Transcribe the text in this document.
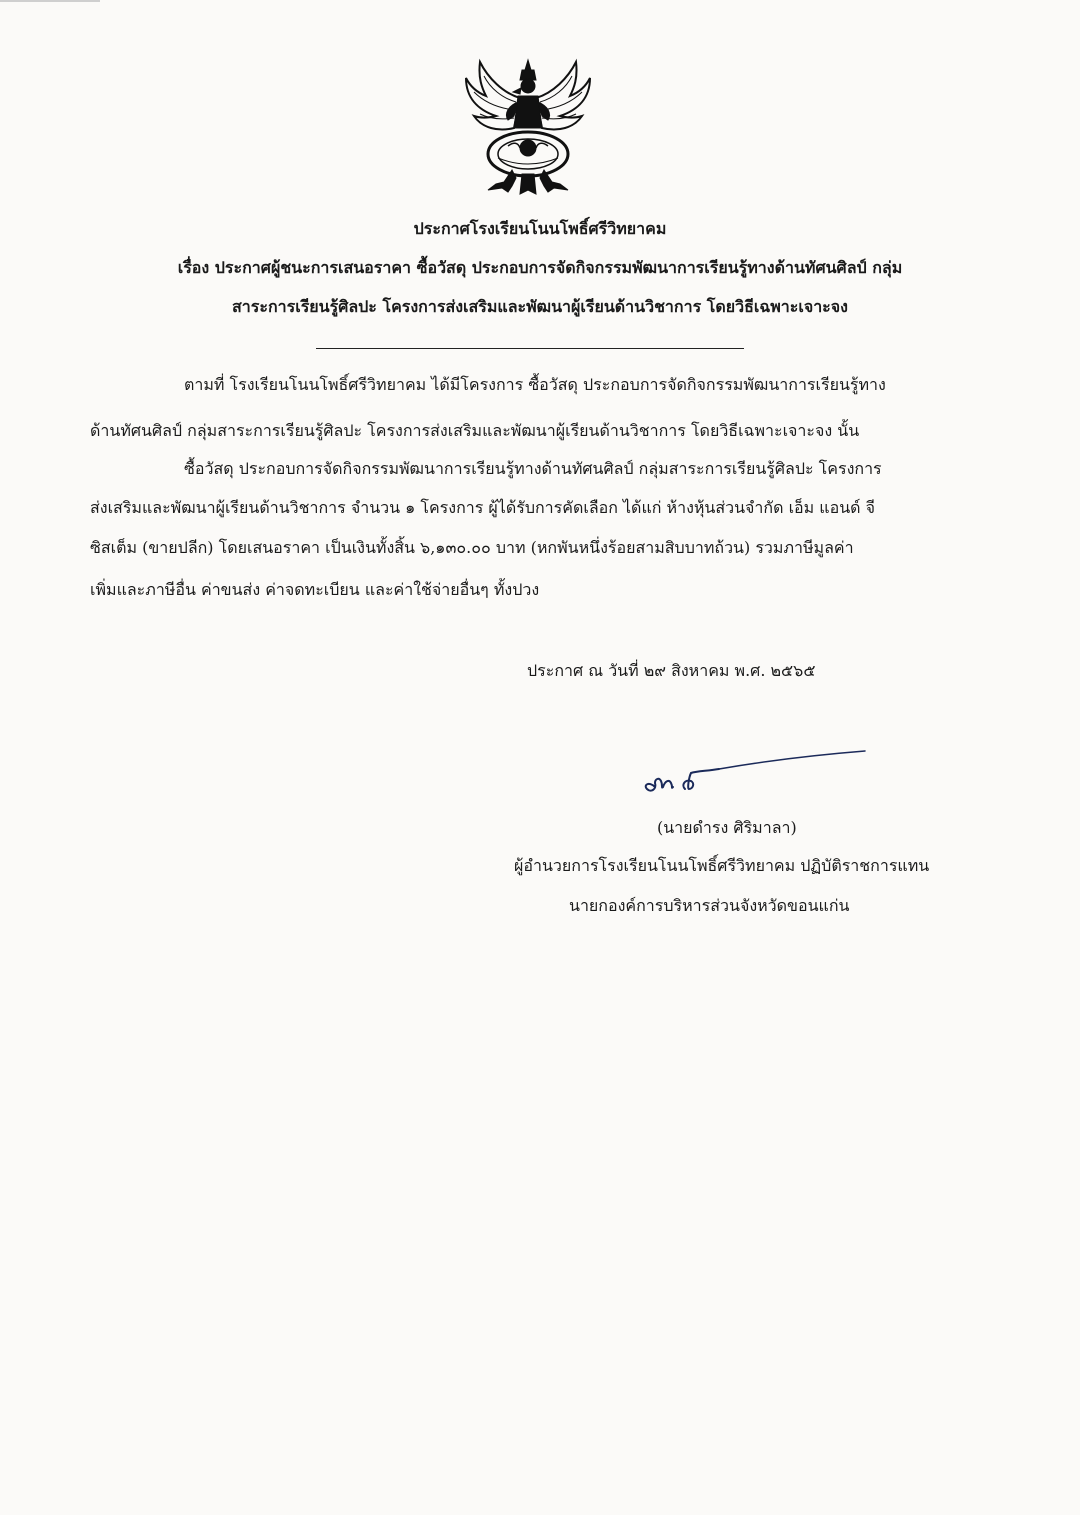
ประกาศโรงเรียนโนนโพธิ์ศรีวิทยาคม
เรื่อง ประกาศผู้ชนะการเสนอราคา ซื้อวัสดุ ประกอบการจัดกิจกรรมพัฒนาการเรียนรู้ทางด้านทัศนศิลป์ กลุ่ม
สาระการเรียนรู้ศิลปะ โครงการส่งเสริมและพัฒนาผู้เรียนด้านวิชาการ โดยวิธีเฉพาะเจาะจง
ตามที่ โรงเรียนโนนโพธิ์ศรีวิทยาคม ได้มีโครงการ ซื้อวัสดุ ประกอบการจัดกิจกรรมพัฒนาการเรียนรู้ทาง
ด้านทัศนศิลป์ กลุ่มสาระการเรียนรู้ศิลปะ โครงการส่งเสริมและพัฒนาผู้เรียนด้านวิชาการ โดยวิธีเฉพาะเจาะจง นั้น
ซื้อวัสดุ ประกอบการจัดกิจกรรมพัฒนาการเรียนรู้ทางด้านทัศนศิลป์ กลุ่มสาระการเรียนรู้ศิลปะ โครงการ
ส่งเสริมและพัฒนาผู้เรียนด้านวิชาการ จำนวน ๑ โครงการ ผู้ได้รับการคัดเลือก ได้แก่ ห้างหุ้นส่วนจำกัด เอ็ม แอนด์ จี
ซิสเต็ม (ขายปลีก) โดยเสนอราคา เป็นเงินทั้งสิ้น ๖,๑๓๐.๐๐ บาท (หกพันหนึ่งร้อยสามสิบบาทถ้วน) รวมภาษีมูลค่า
เพิ่มและภาษีอื่น ค่าขนส่ง ค่าจดทะเบียน และค่าใช้จ่ายอื่นๆ ทั้งปวง
ประกาศ ณ วันที่ ๒๙ สิงหาคม พ.ศ. ๒๕๖๕
(นายดำรง ศิริมาลา)
ผู้อำนวยการโรงเรียนโนนโพธิ์ศรีวิทยาคม ปฏิบัติราชการแทน
นายกองค์การบริหารส่วนจังหวัดขอนแก่น
